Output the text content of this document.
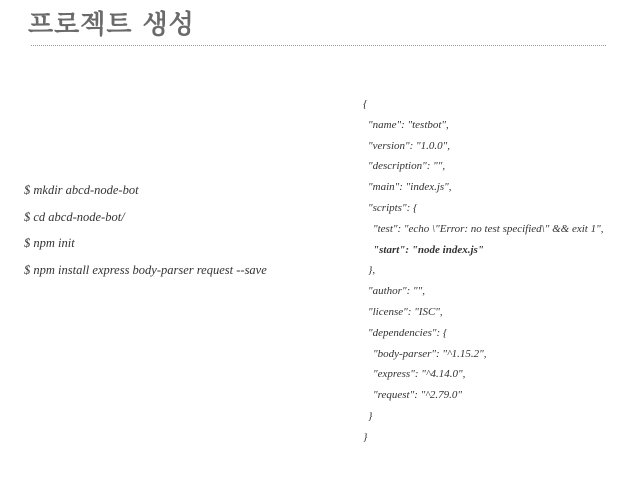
프로젝트 생성
$ mkdir abcd-node-bot
$ cd abcd-node-bot/
$ npm init
$ npm install express body-parser request --save
{
"name": "testbot",
"version": "1.0.0",
"description": "",
"main": "index.js",
"scripts": {
"test": "echo \"Error: no test specified\" && exit 1",
"start": "node index.js"
},
"author": "",
"license": "ISC",
"dependencies": {
"body-parser": "^1.15.2",
"express": "^4.14.0",
"request": "^2.79.0"
}
}
